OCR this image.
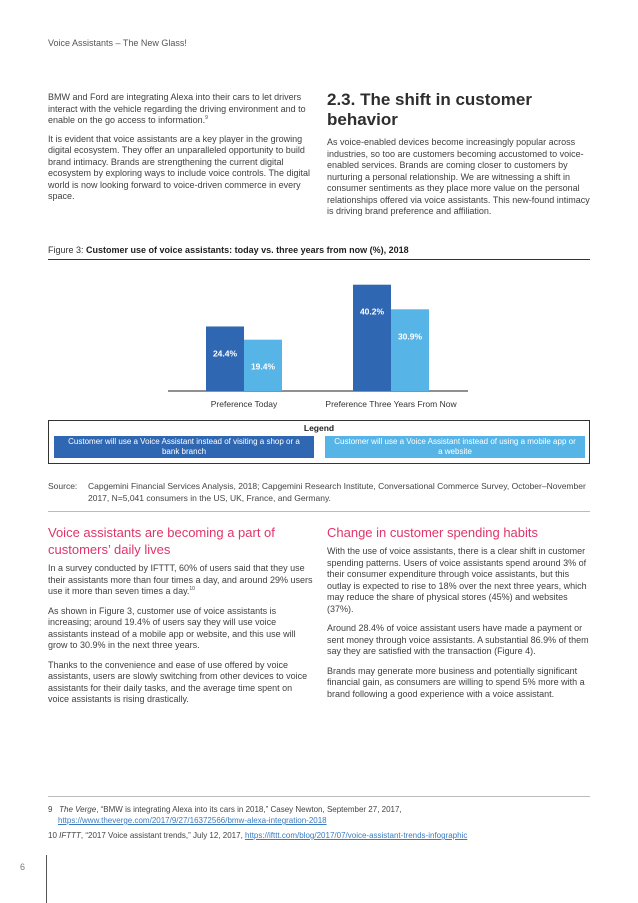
Voice Assistants – The New Glass!

BMW and Ford are integrating Alexa into their cars to let drivers interact with the vehicle regarding the driving environment and to enable on the go access to information.$^9$

It is evident that voice assistants are a key player in the growing digital ecosystem. They offer an unparalleled opportunity to build brand intimacy. Brands are strengthening the current digital ecosystem by exploring ways to include voice controls. The digital world is now looking forward to voice-driven commerce in every space.

2.3. The shift in customer behavior
As voice-enabled devices become increasingly popular across industries, so too are customers becoming accustomed to voice-enabled services. Brands are coming closer to customers by nurturing a personal relationship. We are witnessing a shift in consumer sentiments as they place more value on the personal relationships offered via voice assistants. This new-found intimacy is driving brand preference and affiliation.
Figure 3: Customer use of voice assistants: today vs. three years from now (%), 2018
24.4%
19.4%
Preference Today
40.2%
30.9%
Preference Three Years From Now
Legend
Customer will use a Voice Assistant instead of visiting a shop or a bank branch
Customer will use a Voice Assistant instead of using a mobile app or a website
Source: Capgemini Financial Services Analysis, 2018; Capgemini Research Institute, Conversational Commerce Survey, October–November 2017, N=5,041 consumers in the US, UK, France, and Germany.
Voice assistants are becoming a part of customers’ daily lives

In a survey conducted by IFTTT, 60% of users said that they use their assistants more than four times a day, and around 29% users use it more than seven times a day.$^{10}$

As shown in Figure 3, customer use of voice assistants is increasing; around 19.4% of users say they will use voice assistants instead of a mobile app or website, and this use will grow to 30.9% in the next three years.

Thanks to the convenience and ease of use offered by voice assistants, users are slowly switching from other devices to voice assistants for their daily tasks, and the average time spent on voice assistants is rising drastically.

Change in customer spending habits

With the use of voice assistants, there is a clear shift in customer spending patterns. Users of voice assistants spend around 3% of their consumer expenditure through voice assistants, but this outlay is expected to rise to 18% over the next three years, which may reduce the share of physical stores (45%) and websites (37%).

Around 28.4% of voice assistant users have made a payment or sent money through voice assistants. A substantial 86.9% of them say they are satisfied with the transaction (Figure 4).

Brands may generate more business and potentially significant financial gain, as consumers are willing to spend 5% more with a brand following a good experience with a voice assistant.

9 The Verge, “BMW is integrating Alexa into its cars in 2018,” Casey Newton, September 27, 2017,
https://www.theverge.com/2017/9/27/16372566/bmw-alexa-integration-2018
10 IFTTT, “2017 Voice assistant trends,” July 12, 2017, https://ifttt.com/blog/2017/07/voice-assistant-trends-infographic
6
